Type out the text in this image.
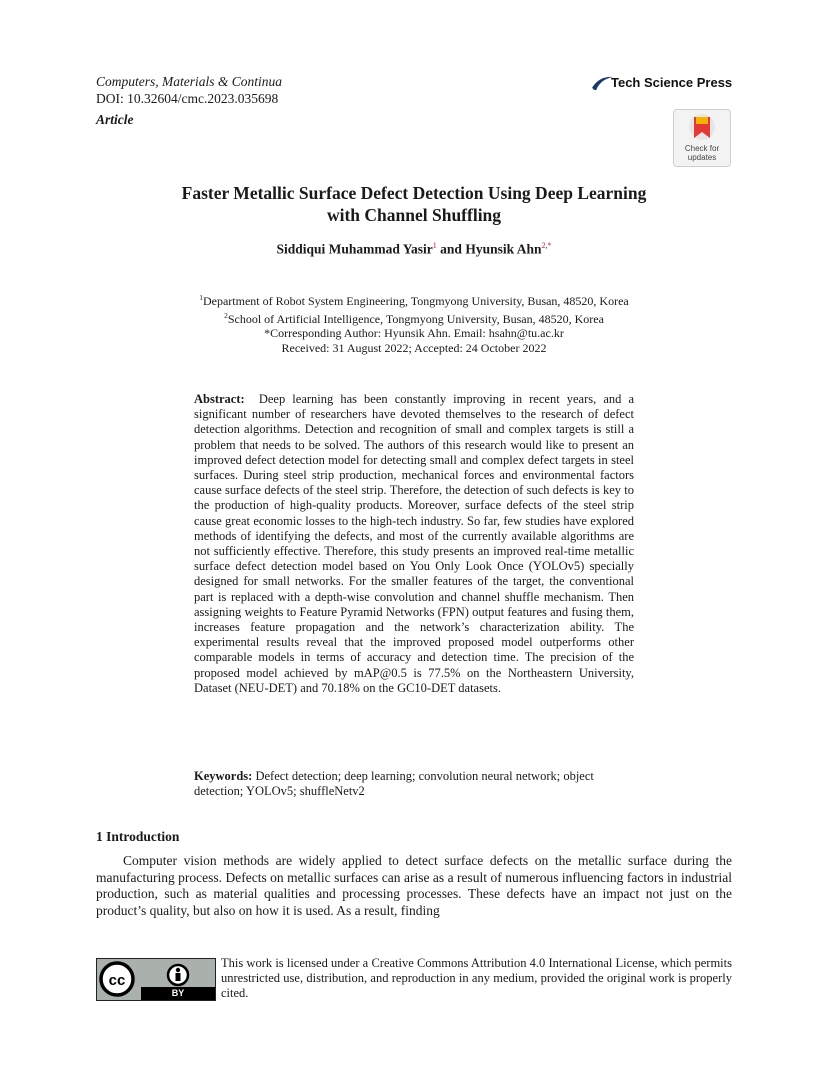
Computers, Materials & Continua
DOI: 10.32604/cmc.2023.035698
Article
Tech Science Press
Check for updates
Faster Metallic Surface Defect Detection Using Deep Learning
with Channel Shuffling
Siddiqui Muhammad Yasir$^1$ and Hyunsik Ahn$^{2,*}$
$^1$Department of Robot System Engineering, Tongmyong University, Busan, 48520, Korea
$^2$School of Artificial Intelligence, Tongmyong University, Busan, 48520, Korea
*Corresponding Author: Hyunsik Ahn. Email: hsahn@tu.ac.kr
Received: 31 August 2022; Accepted: 24 October 2022
Abstract: Deep learning has been constantly improving in recent years, and a significant number of researchers have devoted themselves to the research of defect detection algorithms. Detection and recognition of small and complex targets is still a problem that needs to be solved. The authors of this research would like to present an improved defect detection model for detecting small and complex defect targets in steel surfaces. During steel strip production, mechanical forces and environmental factors cause surface defects of the steel strip. Therefore, the detection of such defects is key to the production of high-quality products. Moreover, surface defects of the steel strip cause great economic losses to the high-tech industry. So far, few studies have explored methods of identifying the defects, and most of the currently available algorithms are not sufficiently effective. Therefore, this study presents an improved real-time metallic surface defect detection model based on You Only Look Once (YOLOv5) specially designed for small networks. For the smaller features of the target, the conventional part is replaced with a depth-wise convolution and channel shuffle mechanism. Then assigning weights to Feature Pyramid Networks (FPN) output features and fusing them, increases feature propagation and the network’s characterization ability. The experimental results reveal that the improved proposed model outperforms other comparable models in terms of accuracy and detection time. The precision of the proposed model achieved by mAP@0.5 is 77.5% on the Northeastern University, Dataset (NEU-DET) and 70.18% on the GC10-DET datasets.
Keywords: Defect detection; deep learning; convolution neural network; object detection; YOLOv5; shuffleNetv2
1 Introduction
Computer vision methods are widely applied to detect surface defects on the metallic surface during the manufacturing process. Defects on metallic surfaces can arise as a result of numerous influencing factors in industrial production, such as material qualities and processing processes. These defects have an impact not just on the product’s quality, but also on how it is used. As a result, finding
cc
BY
This work is licensed under a Creative Commons Attribution 4.0 International License, which permits unrestricted use, distribution, and reproduction in any medium, provided the original work is properly cited.
